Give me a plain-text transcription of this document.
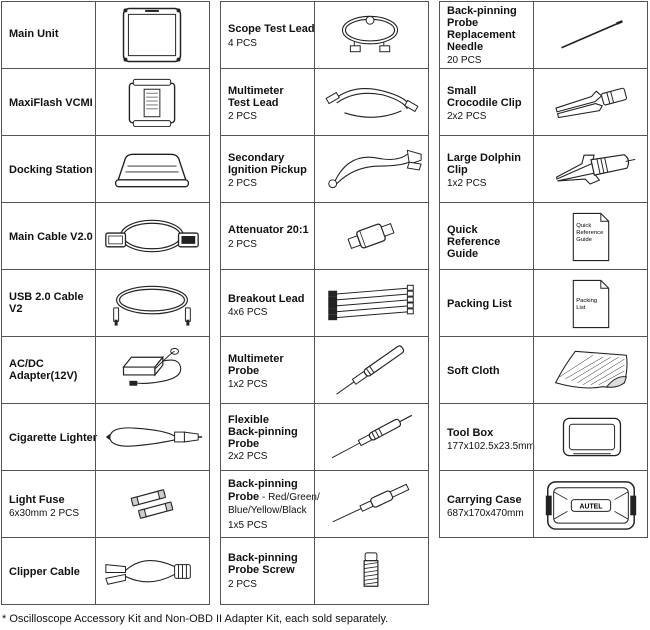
Main Unit
MaxiFlash VCMI
Docking Station
Main Cable V2.0
USB 2.0 Cable V2
AC/DC Adapter(12V)
Cigarette Lighter
Light Fuse
6x30mm 2 PCS
Clipper Cable
Scope Test Lead
4 PCS
Multimeter Test Lead
2 PCS
Secondary Ignition Pickup
2 PCS
Attenuator 20:1
2 PCS
Breakout Lead
4x6 PCS
Multimeter Probe
1x2 PCS
Flexible Back-pinning Probe
2x2 PCS
Back-pinning Probe - Red/Green/ Blue/Yellow/Black
1x5 PCS
Back-pinning Probe Screw
2 PCS
Back-pinning Probe Replacement Needle
20 PCS
Small Crocodile Clip
2x2 PCS
Large Dolphin Clip
1x2 PCS
Quick Reference Guide
Quick
Reference
Guide
Packing List	Packing
List
Soft Cloth
Tool Box
177x102.5x23.5mm
Carrying Case
687x170x470mm
AUTEL
* Oscilloscope Accessory Kit and Non-OBD II Adapter Kit, each sold separately.
